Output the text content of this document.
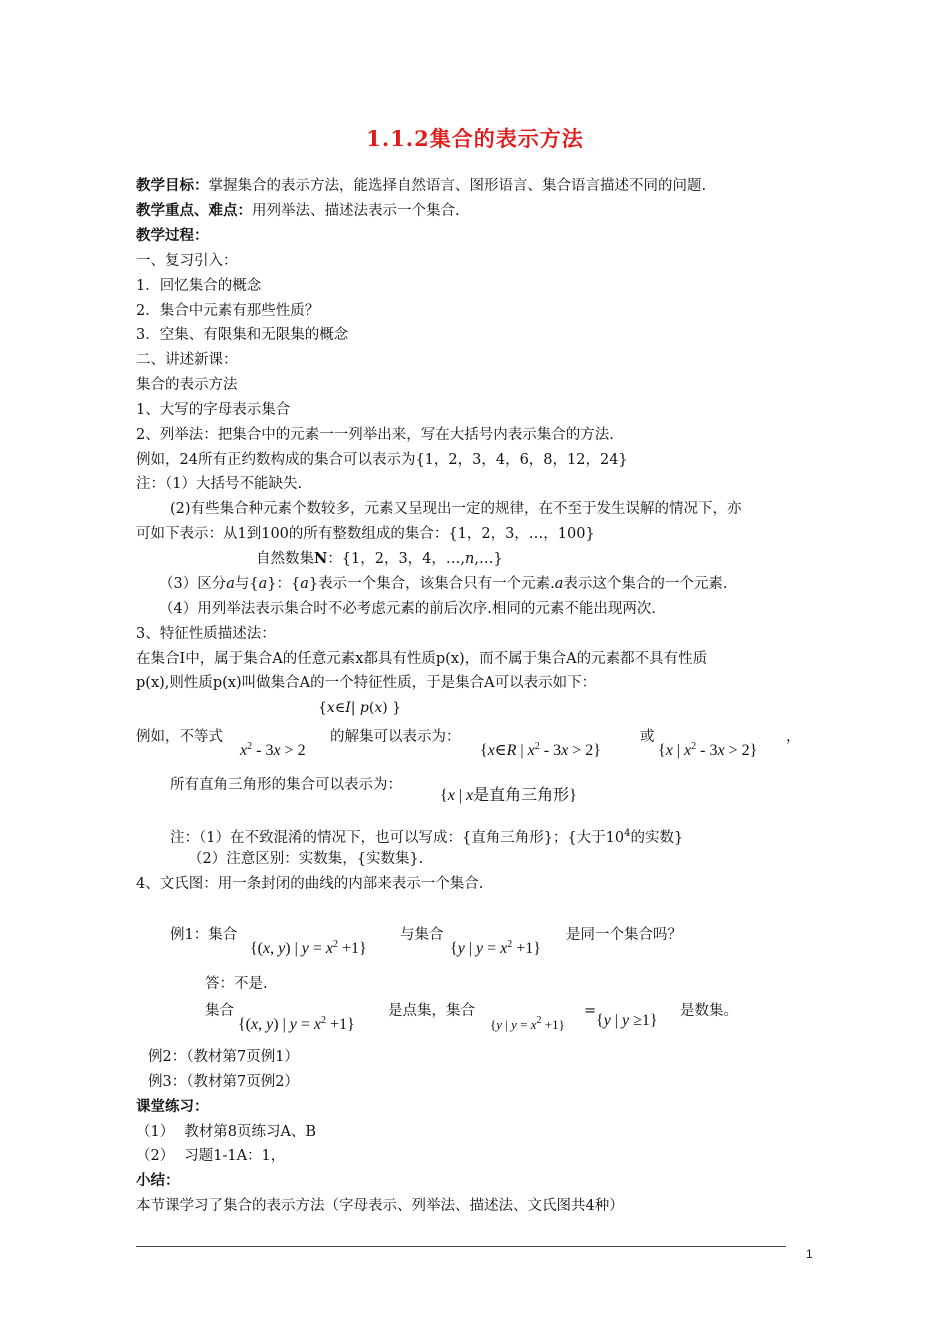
1.1.2集合的表示方法
教学目标：掌握集合的表示方法，能选择自然语言、图形语言、集合语言描述不同的问题.
教学重点、难点：用列举法、描述法表示一个集合.
教学过程：
一、复习引入：
1．回忆集合的概念
2．集合中元素有那些性质？
3．空集、有限集和无限集的概念
二、讲述新课：
集合的表示方法
1、大写的字母表示集合
2、列举法：把集合中的元素一一列举出来，写在大括号内表示集合的方法.
例如，24所有正约数构成的集合可以表示为{1，2，3，4，6，8，12，24}
注：（1）大括号不能缺失.
(2)有些集合种元素个数较多，元素又呈现出一定的规律，在不至于发生误解的情况下，亦
可如下表示：从1到100的所有整数组成的集合：{1，2，3，…，100}
自然数集N：{1，2，3，4，…,n,…}
（3）区分a与{a}：{a}表示一个集合，该集合只有一个元素.a表示这个集合的一个元素.
（4）用列举法表示集合时不必考虑元素的前后次序.相同的元素不能出现两次.
3、特征性质描述法：
在集合I中，属于集合A的任意元素x都具有性质p(x)，而不属于集合A的元素都不具有性质
p(x),则性质p(x)叫做集合A的一个特征性质，于是集合A可以表示如下：
{x∈I| p(x) }
例如，不等式
$x^2 - 3x > 2$
的解集可以表示为：
{x∈R | $x^2 - 3x > 2$}
或
{x | $x^2 - 3x > 2$}
，
所有直角三角形的集合可以表示为：
{x | x是直角三角形}
注：（1）在不致混淆的情况下，也可以写成：{直角三角形}；{大于$10^4$的实数}
（2）注意区别：实数集，{实数集}.
4、文氏图：用一条封闭的曲线的内部来表示一个集合.
例1：集合
{(x, y) | $y = x^2 +1$}
与集合
{y | $y = x^2 +1$}
是同一个集合吗？
答：不是.
集合
{(x, y) | $y = x^2 +1$}
是点集，集合
{y | $y = x^2 +1$}
=
{y | y ≥1}
是数集。
例2：（教材第7页例1）
例3：（教材第7页例2）
课堂练习：
（1） 教材第8页练习A、B
（2） 习题1-1A：1，
小结：
本节课学习了集合的表示方法（字母表示、列举法、描述法、文氏图共4种）
1
